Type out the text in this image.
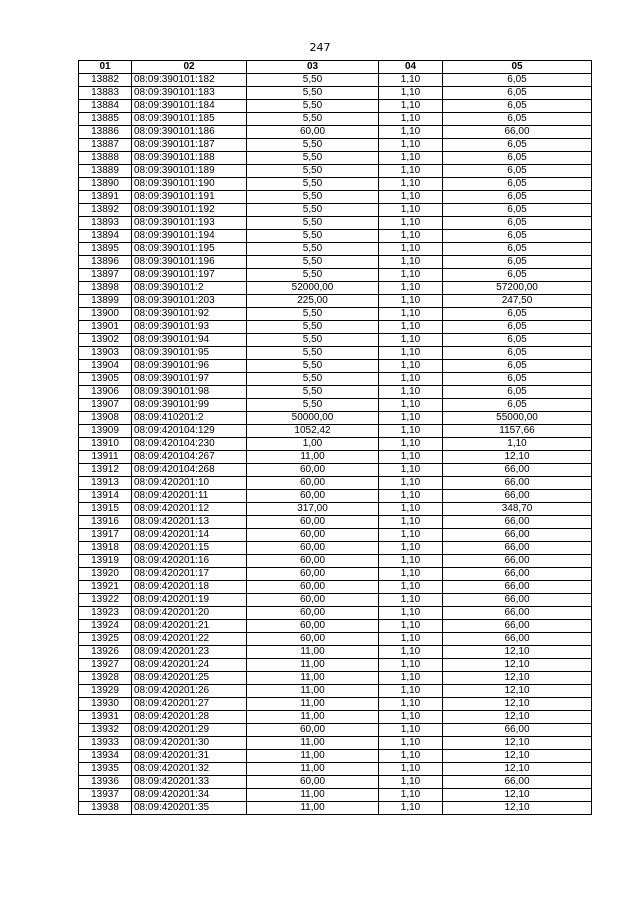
247
01	02	03	04	05
13882	08:09:390101:182	5,50	1,10	6,05
13883	08:09:390101:183	5,50	1,10	6,05
13884	08:09:390101:184	5,50	1,10	6,05
13885	08:09:390101:185	5,50	1,10	6,05
13886	08:09:390101:186	60,00	1,10	66,00
13887	08:09:390101:187	5,50	1,10	6,05
13888	08:09:390101:188	5,50	1,10	6,05
13889	08:09:390101:189	5,50	1,10	6,05
13890	08:09:390101:190	5,50	1,10	6,05
13891	08:09:390101:191	5,50	1,10	6,05
13892	08:09:390101:192	5,50	1,10	6,05
13893	08:09:390101:193	5,50	1,10	6,05
13894	08:09:390101:194	5,50	1,10	6,05
13895	08:09:390101:195	5,50	1,10	6,05
13896	08:09:390101:196	5,50	1,10	6,05
13897	08:09:390101:197	5,50	1,10	6,05
13898	08:09:390101:2	52000,00	1,10	57200,00
13899	08:09:390101:203	225,00	1,10	247,50
13900	08:09:390101:92	5,50	1,10	6,05
13901	08:09:390101:93	5,50	1,10	6,05
13902	08:09:390101:94	5,50	1,10	6,05
13903	08:09:390101:95	5,50	1,10	6,05
13904	08:09:390101:96	5,50	1,10	6,05
13905	08:09:390101:97	5,50	1,10	6,05
13906	08:09:390101:98	5,50	1,10	6,05
13907	08:09:390101:99	5,50	1,10	6,05
13908	08:09:410201:2	50000,00	1,10	55000,00
13909	08:09:420104:129	1052,42	1,10	1157,66
13910	08:09:420104:230	1,00	1,10	1,10
13911	08:09:420104:267	11,00	1,10	12,10
13912	08:09:420104:268	60,00	1,10	66,00
13913	08:09:420201:10	60,00	1,10	66,00
13914	08:09:420201:11	60,00	1,10	66,00
13915	08:09:420201:12	317,00	1,10	348,70
13916	08:09:420201:13	60,00	1,10	66,00
13917	08:09:420201:14	60,00	1,10	66,00
13918	08:09:420201:15	60,00	1,10	66,00
13919	08:09:420201:16	60,00	1,10	66,00
13920	08:09:420201:17	60,00	1,10	66,00
13921	08:09:420201:18	60,00	1,10	66,00
13922	08:09:420201:19	60,00	1,10	66,00
13923	08:09:420201:20	60,00	1,10	66,00
13924	08:09:420201:21	60,00	1,10	66,00
13925	08:09:420201:22	60,00	1,10	66,00
13926	08:09:420201:23	11,00	1,10	12,10
13927	08:09:420201:24	11,00	1,10	12,10
13928	08:09:420201:25	11,00	1,10	12,10
13929	08:09:420201:26	11,00	1,10	12,10
13930	08:09:420201:27	11,00	1,10	12,10
13931	08:09:420201:28	11,00	1,10	12,10
13932	08:09:420201:29	60,00	1,10	66,00
13933	08:09:420201:30	11,00	1,10	12,10
13934	08:09:420201:31	11,00	1,10	12,10
13935	08:09:420201:32	11,00	1,10	12,10
13936	08:09:420201:33	60,00	1,10	66,00
13937	08:09:420201:34	11,00	1,10	12,10
13938	08:09:420201:35	11,00	1,10	12,10
